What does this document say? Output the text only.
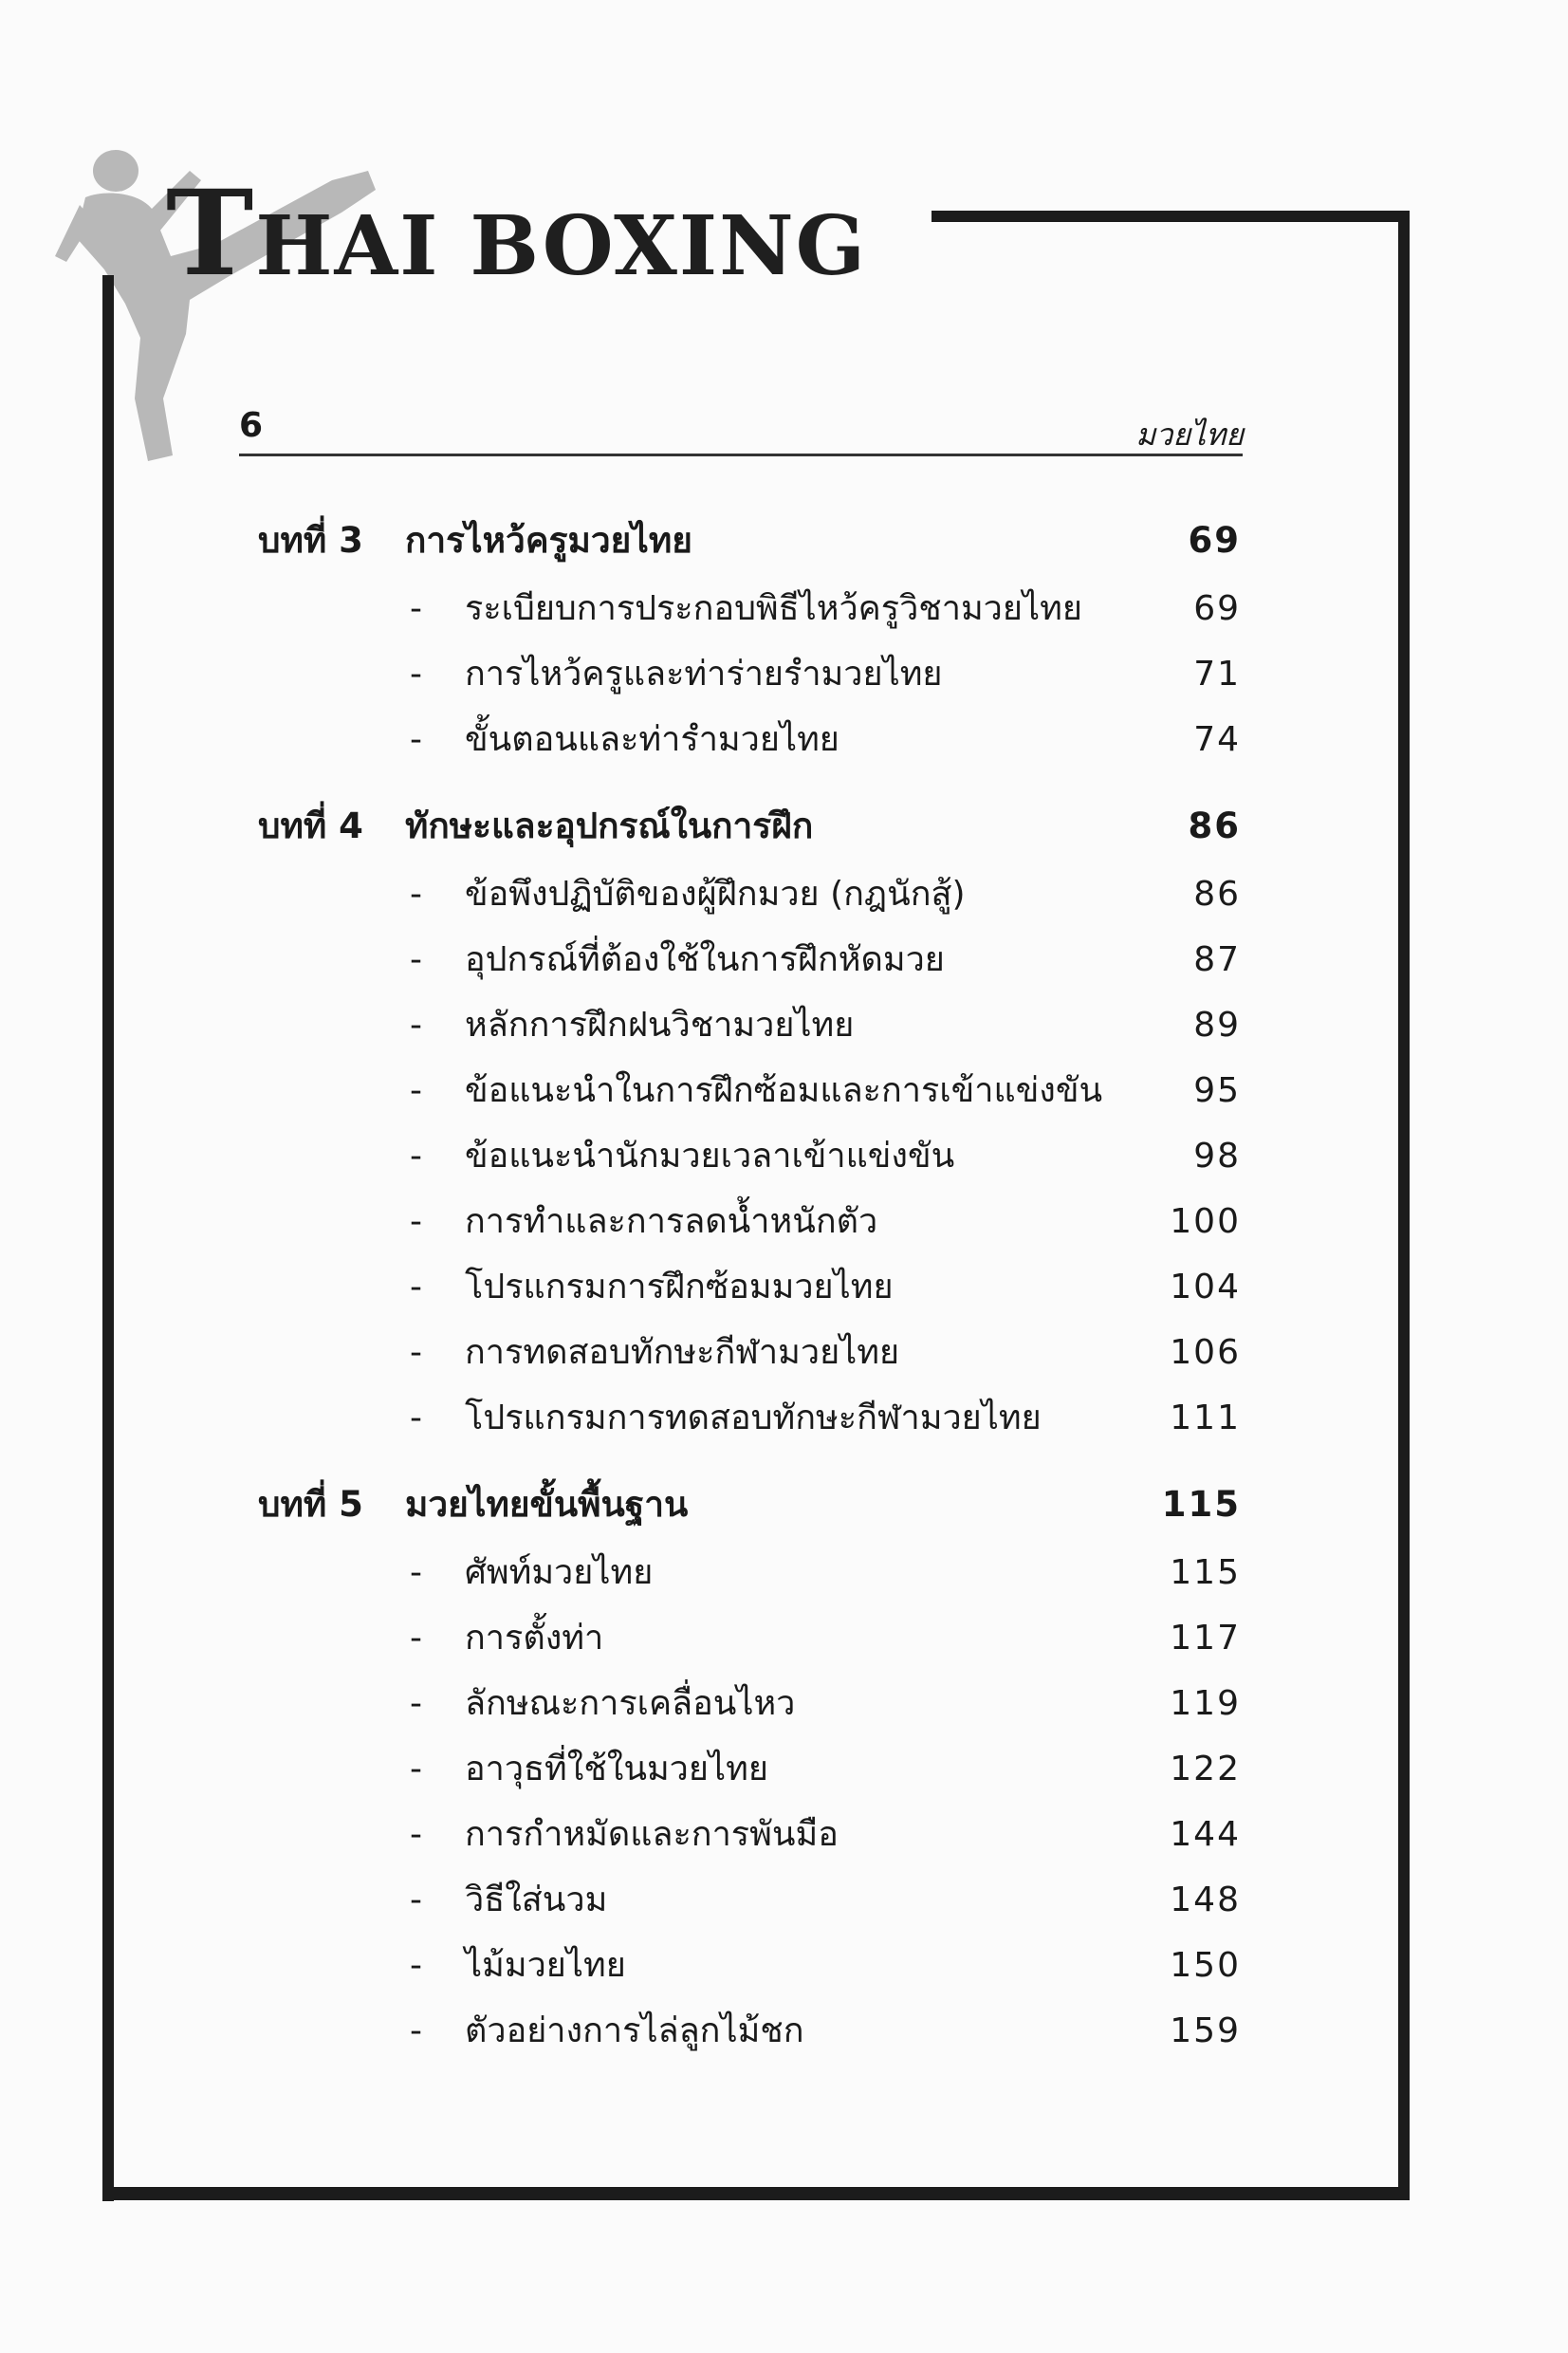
THAI BOXING
6	มวยไทย
บทที่ 3	การไหว้ครูมวยไทย	69
-	ระเบียบการประกอบพิธีไหว้ครูวิชามวยไทย	69
-	การไหว้ครูและท่าร่ายรำมวยไทย	71
-	ขั้นตอนและท่ารำมวยไทย	74
บทที่ 4	ทักษะและอุปกรณ์ในการฝึก	86
-	ข้อพึงปฏิบัติของผู้ฝึกมวย (กฎนักสู้)	86
-	อุปกรณ์ที่ต้องใช้ในการฝึกหัดมวย	87
-	หลักการฝึกฝนวิชามวยไทย	89
-	ข้อแนะนำในการฝึกซ้อมและการเข้าแข่งขัน	95
-	ข้อแนะนำนักมวยเวลาเข้าแข่งขัน	98
-	การทำและการลดน้ำหนักตัว	100
-	โปรแกรมการฝึกซ้อมมวยไทย	104
-	การทดสอบทักษะกีฬามวยไทย	106
-	โปรแกรมการทดสอบทักษะกีฬามวยไทย	111
บทที่ 5	มวยไทยขั้นพื้นฐาน	115
-	ศัพท์มวยไทย	115
-	การตั้งท่า	117
-	ลักษณะการเคลื่อนไหว	119
-	อาวุธที่ใช้ในมวยไทย	122
-	การกำหมัดและการพันมือ	144
-	วิธีใส่นวม	148
-	ไม้มวยไทย	150
-	ตัวอย่างการไล่ลูกไม้ชก	159
